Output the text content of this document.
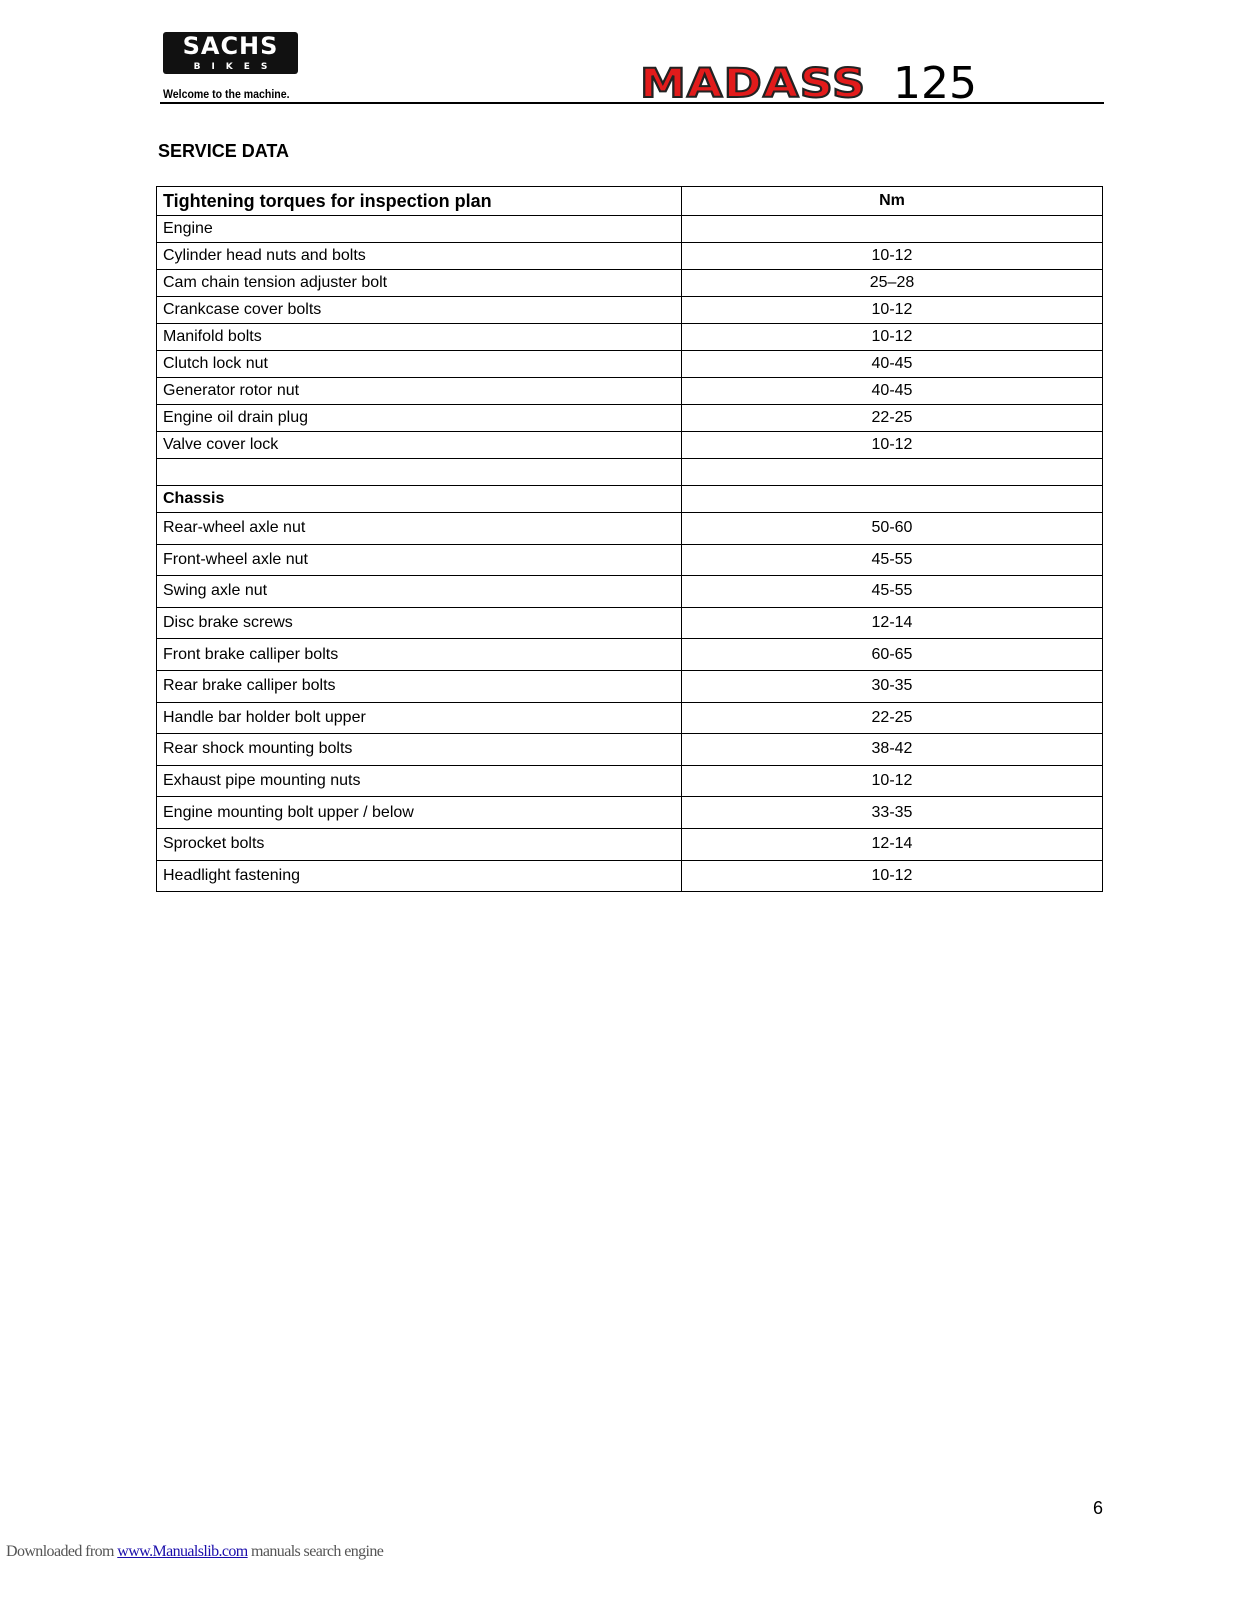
SACHS
BIKES
Welcome to the machine.	MADASS 125
SERVICE DATA
Tightening torques for inspection plan	Nm
Engine	
Cylinder head nuts and bolts	10-12
Cam chain tension adjuster bolt	25–28
Crankcase cover bolts	10-12
Manifold bolts	10-12
Clutch lock nut	40-45
Generator rotor nut	40-45
Engine oil drain plug	22-25
Valve cover lock	10-12

Chassis	
Rear-wheel axle nut	50-60
Front-wheel axle nut	45-55
Swing axle nut	45-55
Disc brake screws	12-14
Front brake calliper bolts	60-65
Rear brake calliper bolts	30-35
Handle bar holder bolt upper	22-25
Rear shock mounting bolts	38-42
Exhaust pipe mounting nuts	10-12
Engine mounting bolt upper / below	33-35
Sprocket bolts	12-14
Headlight fastening	10-12
6
Downloaded from www.Manualslib.com manuals search engine
